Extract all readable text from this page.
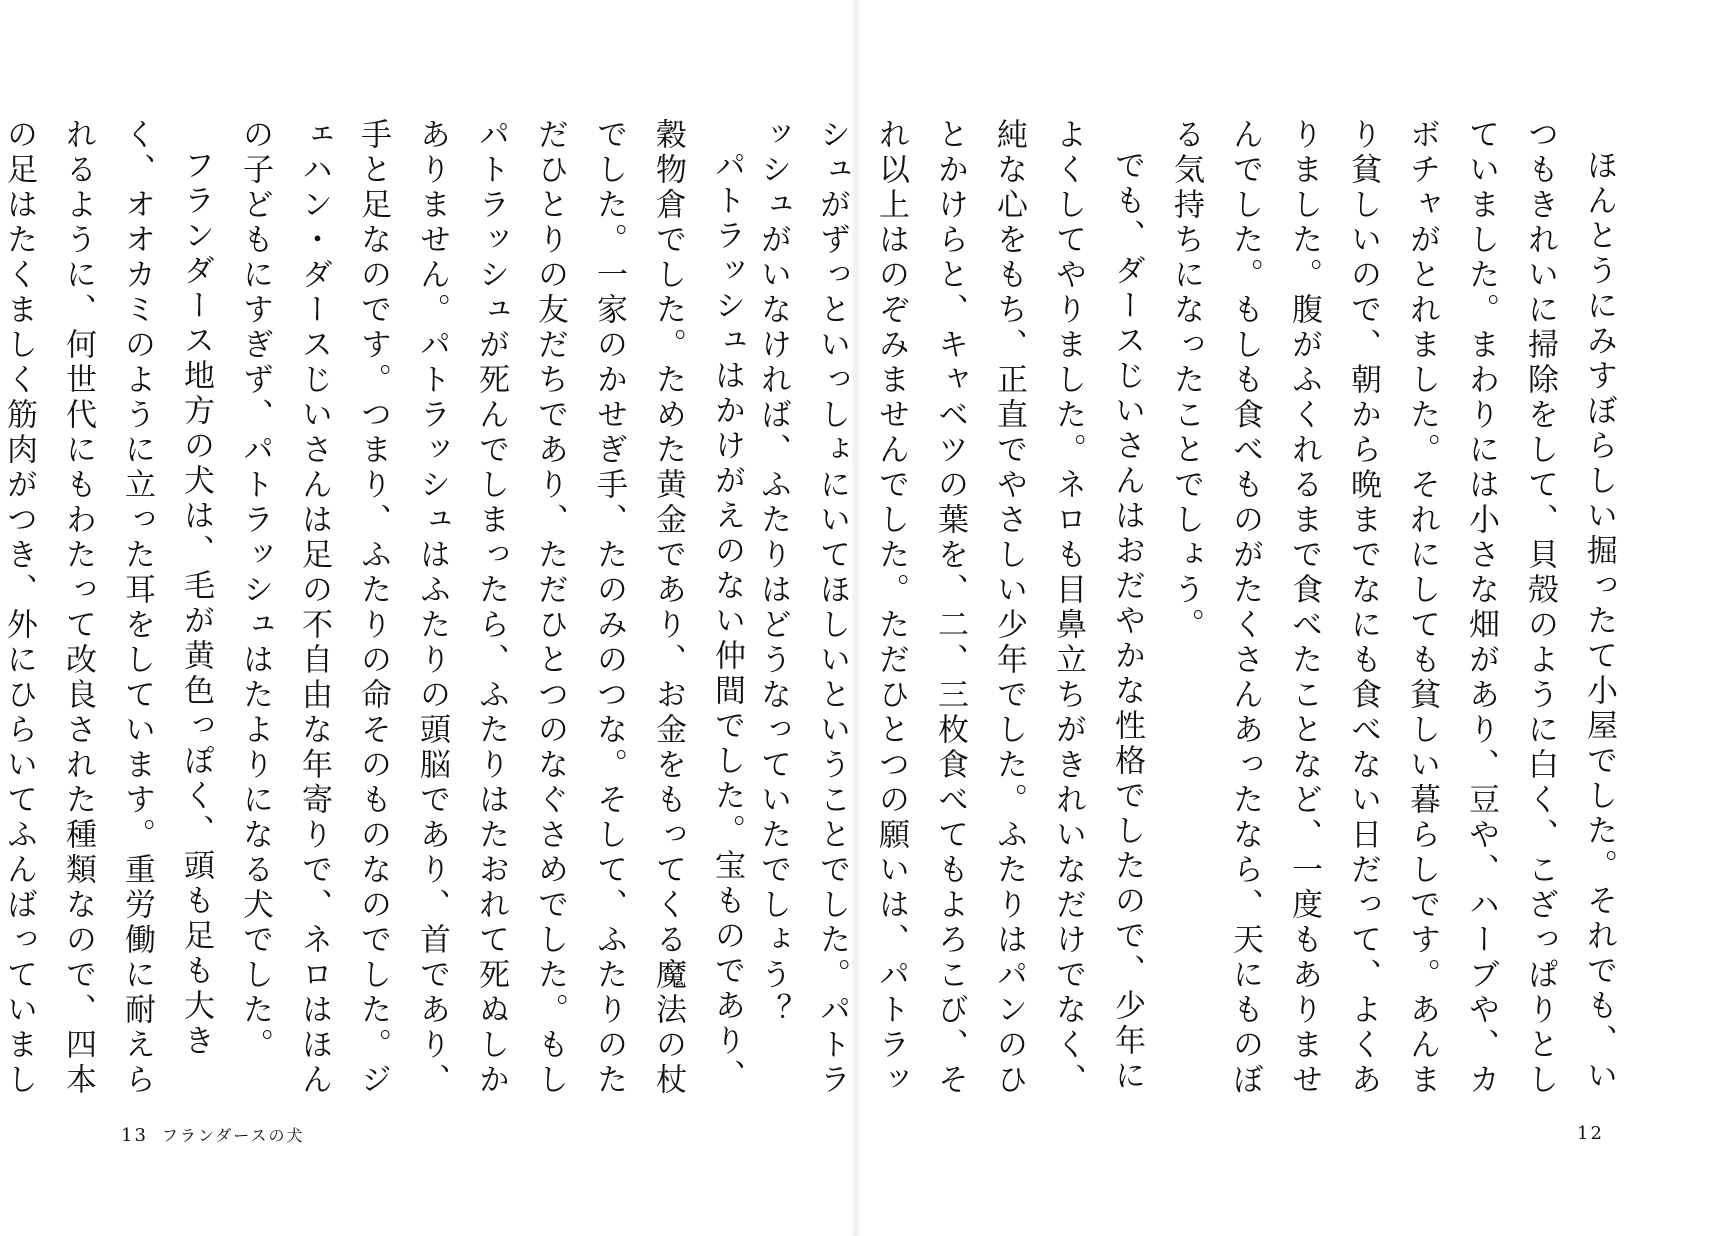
パトラッシュはかけがえのない仲間でした。宝ものであり、穀物倉でした。ためた黄金であり、お金をもってくる魔法の杖でした。一家のかせぎ手、たのみのつな。そして、ふたりのただひとりの友だちであり、ただひとつのなぐさめでした。もしパトラッシュが死んでしまったら、ふたりはたおれて死ぬしかありません。パトラッシュはふたりの頭脳であり、首であり、手と足なのです。つまり、ふたりの命そのものなのでした。ジェハン・ダースじいさんは足の不自由な年寄りで、ネロはほんの子どもにすぎず、パトラッシュはたよりになる犬でした。

フランダース地方の犬は、毛が黄色っぽく、頭も足も大きく、オオカミのように立った耳をしています。重労働に耐えられるように、何世代にもわたって改良された種類なので、四本の足はたくましく筋肉がつき、外にひらいてふんばっていまし

13 フランダースの犬

ほんとうにみすぼらしい掘ったて小屋でした。それでも、いつもきれいに掃除をして、貝殻のように白く、こざっぱりとしていました。まわりには小さな畑があり、豆や、ハーブや、カボチャがとれました。それにしても貧しい暮らしです。あんまり貧しいので、朝から晩までなにも食べない日だって、よくありました。腹がふくれるまで食べたことなど、一度もありませんでした。もしも食べものがたくさんあったなら、天にものぼる気持ちになったことでしょう。

でも、ダースじいさんはおだやかな性格でしたので、少年によくしてやりました。ネロも目鼻立ちがきれいなだけでなく、純な心をもち、正直でやさしい少年でした。ふたりはパンのひとかけらと、キャベツの葉を、二、三枚食べてもよろこび、それ以上はのぞみませんでした。ただひとつの願いは、パトラッシュがずっといっしょにいてほしいということでした。パトラッシュがいなければ、ふたりはどうなっていたでしょう？

12
